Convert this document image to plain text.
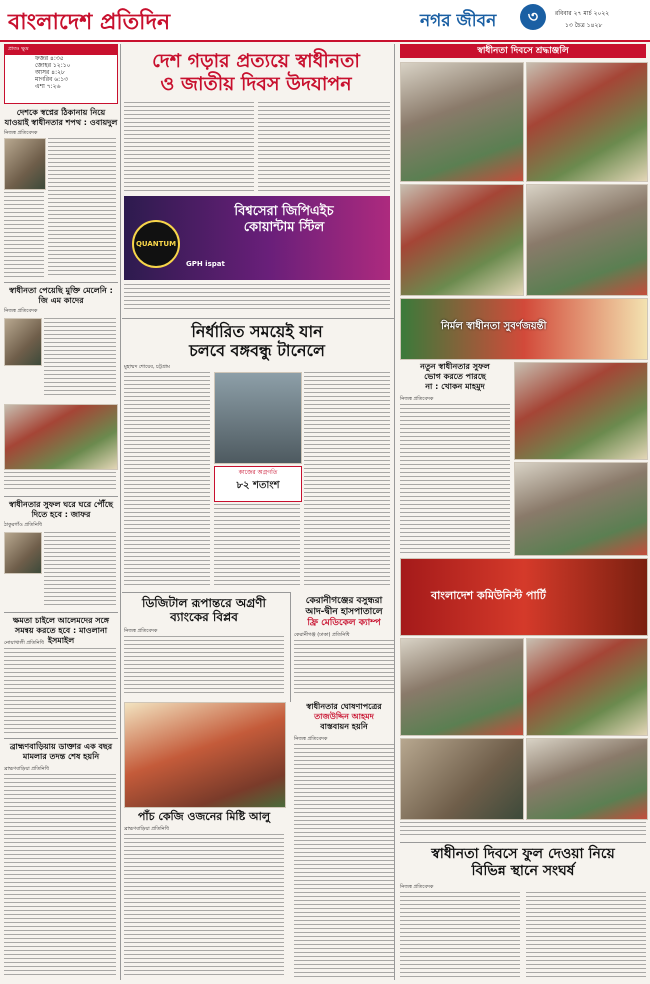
বাংলাদেশ প্রতিদিন	নগর জীবন	৩	রবিবার ২৭ মার্চ ২০২২
১৩ চৈত্র ১৪২৮
প্রাতঃ ক্ষুদ্র
ফজর ৪:৩৫
জোহর ১২:১০
আসর ৪:২৮
মাগরিব ৬:১৩
এশা ৭:২৬
দেশ গড়ার প্রত্যয়ে স্বাধীনতা
ও জাতীয় দিবস উদযাপন
স্বাধীনতা দিবসে শ্রদ্ধাঞ্জলি
দেশকে স্বপ্নের ঠিকানায় নিয়ে যাওয়াই স্বাধীনতার শপথ : ওবায়দুল
নিজস্ব প্রতিবেদক
স্বাধীনতা পেয়েছি মুক্তি মেলেনি : জি এম কাদের
নিজস্ব প্রতিবেদক
স্বাধীনতার সুফল ঘরে ঘরে পৌঁছে দিতে হবে : জাফর
ঠাকুরগাঁও প্রতিনিধি
ক্ষমতা চাইলে আলেমদের সঙ্গে সমন্বয় করতে হবে : মাওলানা ইসমাইল
নোয়াখালী প্রতিনিধি
ব্রাহ্মণবাড়িয়ায় ডাক্তার এক বছর মামলার তদন্ত শেষ হয়নি
ব্রাহ্মণবাড়িয়া প্রতিনিধি
QUANTUM
বিশ্বসেরা জিপিএইচ
কোয়ান্টাম স্টিল
GPH ispat
নির্ধারিত সময়েই যান
চলবে বঙ্গবন্ধু টানেলে
মুহাম্মদ শোয়েব, চট্টগ্রাম
কাজের অগ্রগতি
৮২ শতাংশ
ডিজিটাল রূপান্তরে অগ্রণী
ব্যাংকের বিপ্লব
নিজস্ব প্রতিবেদক
কেরানীগঞ্জের বসুন্ধরা
আদ-দ্বীন হাসপাতালে
ফ্রি মেডিকেল ক্যাম্প
কেরানীগঞ্জ (ঢাকা) প্রতিনিধি
পাঁচ কেজি ওজনের মিষ্টি আলু
ব্রাহ্মণবাড়িয়া প্রতিনিধি
স্বাধীনতার ঘোষণাপত্রের
তাজউদ্দিন আহমদ
বাস্তবায়ন হয়নি
নিজস্ব প্রতিবেদক
নির্মল স্বাধীনতা সুবর্ণজয়ন্তী
নতুন স্বাধীনতার সুফল
ভোগ করতে পারছে
না : খোকন মাহমুদ
নিজস্ব প্রতিবেদক
বাংলাদেশ কমিউনিস্ট পার্টি
স্বাধীনতা দিবসে ফুল দেওয়া নিয়ে
বিভিন্ন স্থানে সংঘর্ষ
নিজস্ব প্রতিবেদক
